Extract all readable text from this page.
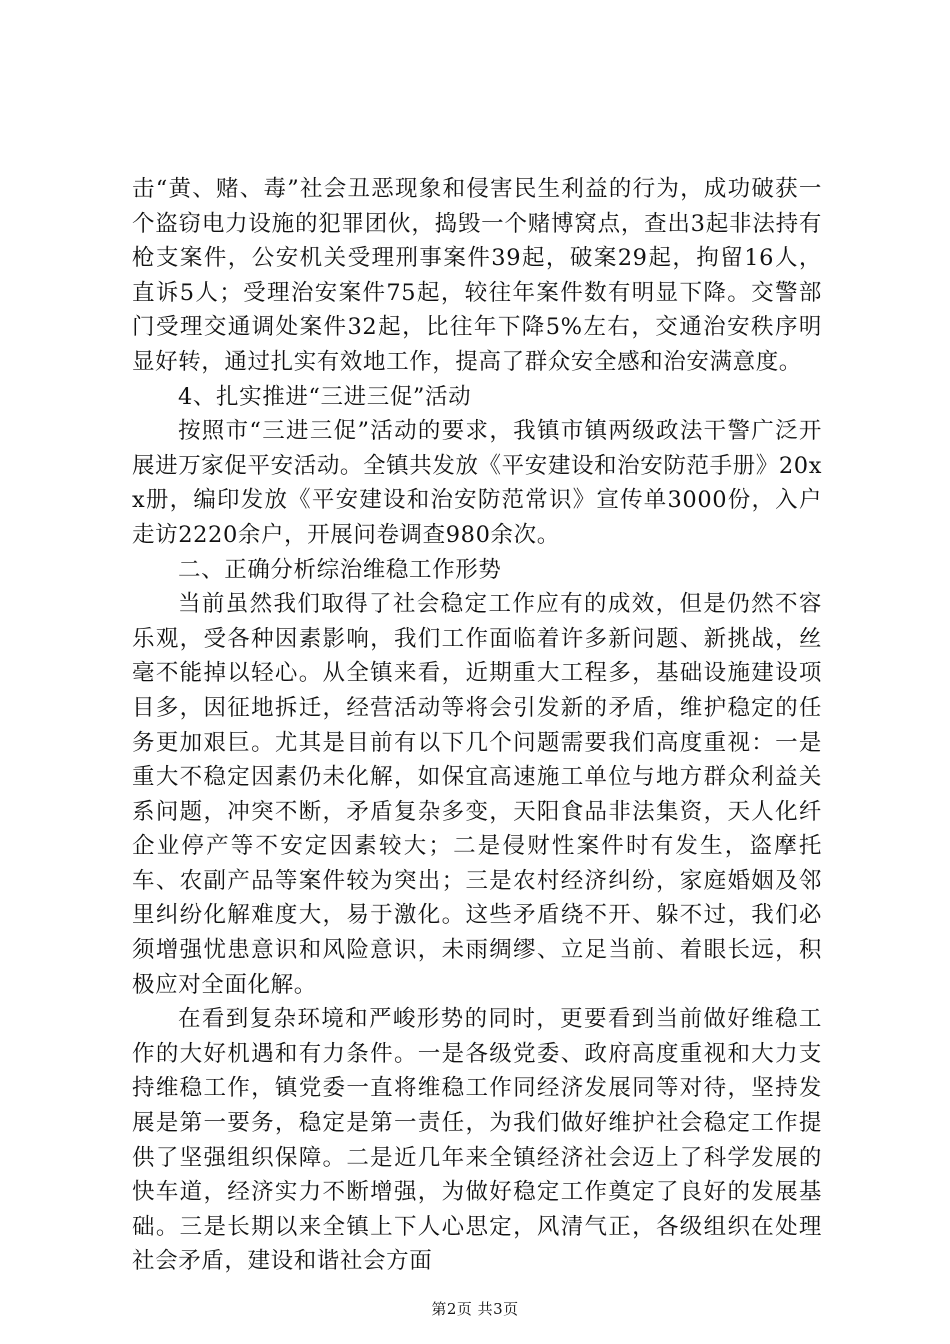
击“黄、赌、毒”社会丑恶现象和侵害民生利益的行为，成功破获一个盗窃电力设施的犯罪团伙，捣毁一个赌博窝点，查出3起非法持有枪支案件，公安机关受理刑事案件39起，破案29起，拘留16人，直诉5人；受理治安案件75起，较往年案件数有明显下降。交警部门受理交通调处案件32起，比往年下降5%左右，交通治安秩序明显好转，通过扎实有效地工作，提高了群众安全感和治安满意度。

4、扎实推进“三进三促”活动

按照市“三进三促”活动的要求，我镇市镇两级政法干警广泛开展进万家促平安活动。全镇共发放《平安建设和治安防范手册》20xx册，编印发放《平安建设和治安防范常识》宣传单3000份，入户走访2220余户，开展问卷调查980余次。

二、正确分析综治维稳工作形势

当前虽然我们取得了社会稳定工作应有的成效，但是仍然不容乐观，受各种因素影响，我们工作面临着许多新问题、新挑战，丝毫不能掉以轻心。从全镇来看，近期重大工程多，基础设施建设项目多，因征地拆迁，经营活动等将会引发新的矛盾，维护稳定的任务更加艰巨。尤其是目前有以下几个问题需要我们高度重视：一是重大不稳定因素仍未化解，如保宜高速施工单位与地方群众利益关系问题，冲突不断，矛盾复杂多变，天阳食品非法集资，天人化纤企业停产等不安定因素较大；二是侵财性案件时有发生，盗摩托车、农副产品等案件较为突出；三是农村经济纠纷，家庭婚姻及邻里纠纷化解难度大，易于激化。这些矛盾绕不开、躲不过，我们必须增强忧患意识和风险意识，未雨绸缪、立足当前、着眼长远，积极应对全面化解。

在看到复杂环境和严峻形势的同时，更要看到当前做好维稳工作的大好机遇和有力条件。一是各级党委、政府高度重视和大力支持维稳工作，镇党委一直将维稳工作同经济发展同等对待，坚持发展是第一要务，稳定是第一责任，为我们做好维护社会稳定工作提供了坚强组织保障。二是近几年来全镇经济社会迈上了科学发展的快车道，经济实力不断增强，为做好稳定工作奠定了良好的发展基础。三是长期以来全镇上下人心思定，风清气正，各级组织在处理社会矛盾，建设和谐社会方面

第2页 共3页
